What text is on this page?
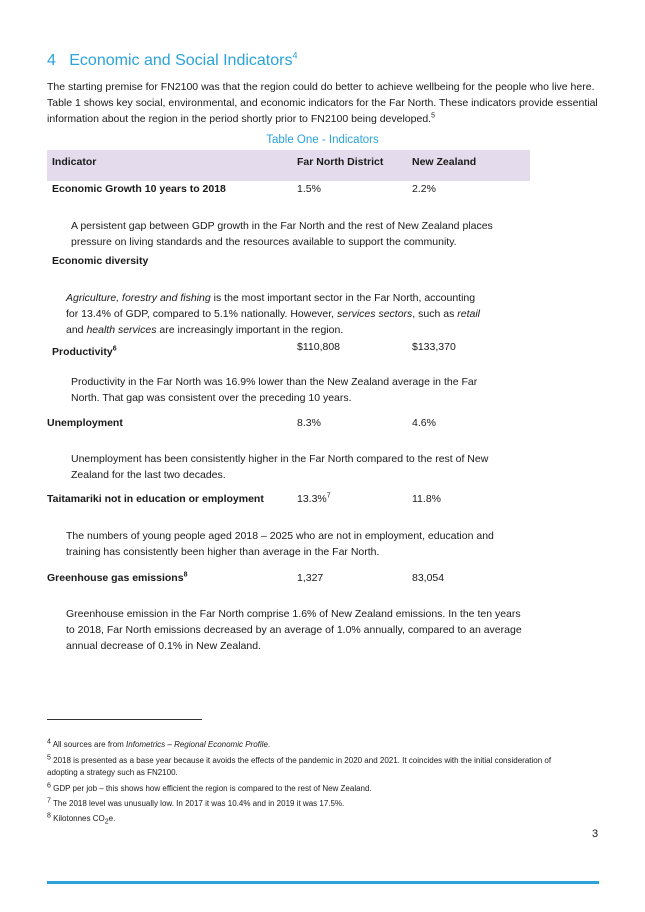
4 Economic and Social Indicators$^4$
The starting premise for FN2100 was that the region could do better to achieve wellbeing for the people who live here. Table 1 shows key social, environmental, and economic indicators for the Far North. These indicators provide essential information about the region in the period shortly prior to FN2100 being developed.$^5$
Table One - Indicators
Indicator	Far North District	New Zealand
Economic Growth 10 years to 2018	1.5%	2.2%
A persistent gap between GDP growth in the Far North and the rest of New Zealand places pressure on living standards and the resources available to support the community.
Economic diversity
Agriculture, forestry and fishing is the most important sector in the Far North, accounting for 13.4% of GDP, compared to 5.1% nationally. However, services sectors, such as retail and health services are increasingly important in the region.
Productivity$^6$	$110,808	$133,370
Productivity in the Far North was 16.9% lower than the New Zealand average in the Far North. That gap was consistent over the preceding 10 years.
Unemployment	8.3%	4.6%
Unemployment has been consistently higher in the Far North compared to the rest of New Zealand for the last two decades.
Taitamariki not in education or employment	13.3%$^7$	11.8%
The numbers of young people aged 2018 – 2025 who are not in employment, education and training has consistently been higher than average in the Far North.
Greenhouse gas emissions$^8$	1,327	83,054
Greenhouse emission in the Far North comprise 1.6% of New Zealand emissions. In the ten years to 2018, Far North emissions decreased by an average of 1.0% annually, compared to an average annual decrease of 0.1% in New Zealand.
$^4$ All sources are from Infometrics – Regional Economic Profile.
$^5$ 2018 is presented as a base year because it avoids the effects of the pandemic in 2020 and 2021. It coincides with the initial consideration of adopting a strategy such as FN2100.
$^6$ GDP per job – this shows how efficient the region is compared to the rest of New Zealand.
$^7$ The 2018 level was unusually low. In 2017 it was 10.4% and in 2019 it was 17.5%.
$^8$ Kilotonnes $CO_2e$.
3
